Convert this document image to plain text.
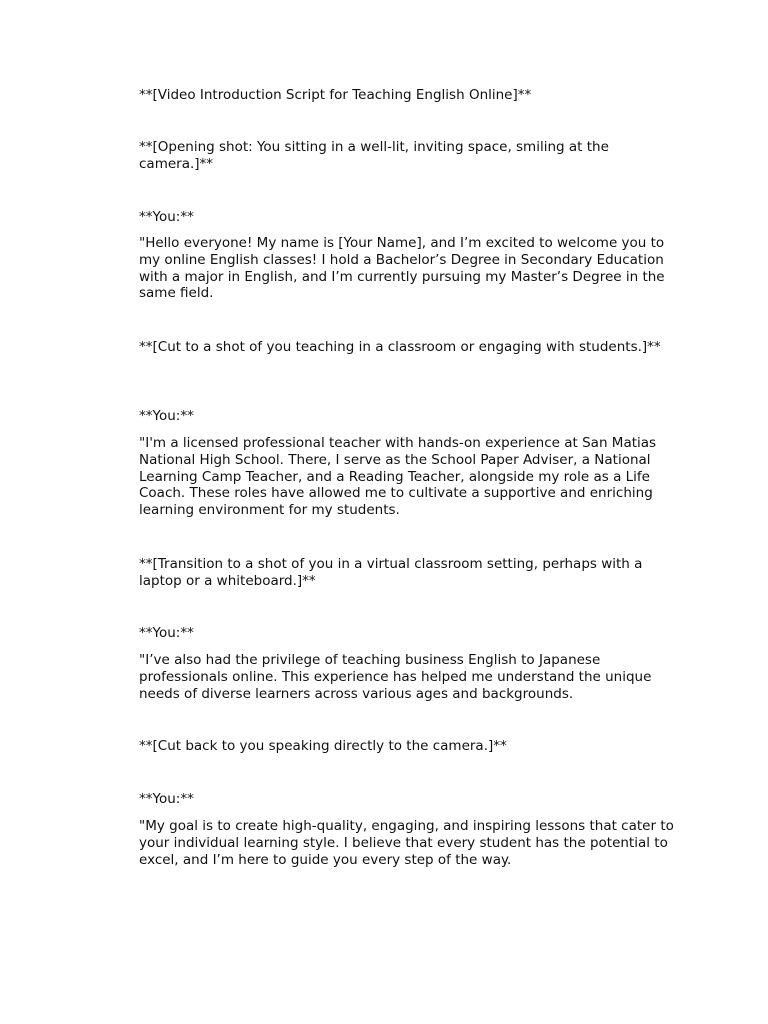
**[Video Introduction Script for Teaching English Online]**

**[Opening shot: You sitting in a well-lit, inviting space, smiling at the camera.]**

**You:**

"Hello everyone! My name is [Your Name], and I’m excited to welcome you to my online English classes! I hold a Bachelor’s Degree in Secondary Education with a major in English, and I’m currently pursuing my Master’s Degree in the same field.

**[Cut to a shot of you teaching in a classroom or engaging with students.]**

**You:**

"I'm a licensed professional teacher with hands-on experience at San Matias National High School. There, I serve as the School Paper Adviser, a National Learning Camp Teacher, and a Reading Teacher, alongside my role as a Life Coach. These roles have allowed me to cultivate a supportive and enriching learning environment for my students.

**[Transition to a shot of you in a virtual classroom setting, perhaps with a laptop or a whiteboard.]**

**You:**

"I’ve also had the privilege of teaching business English to Japanese professionals online. This experience has helped me understand the unique needs of diverse learners across various ages and backgrounds.

**[Cut back to you speaking directly to the camera.]**

**You:**

"My goal is to create high-quality, engaging, and inspiring lessons that cater to your individual learning style. I believe that every student has the potential to excel, and I’m here to guide you every step of the way.
